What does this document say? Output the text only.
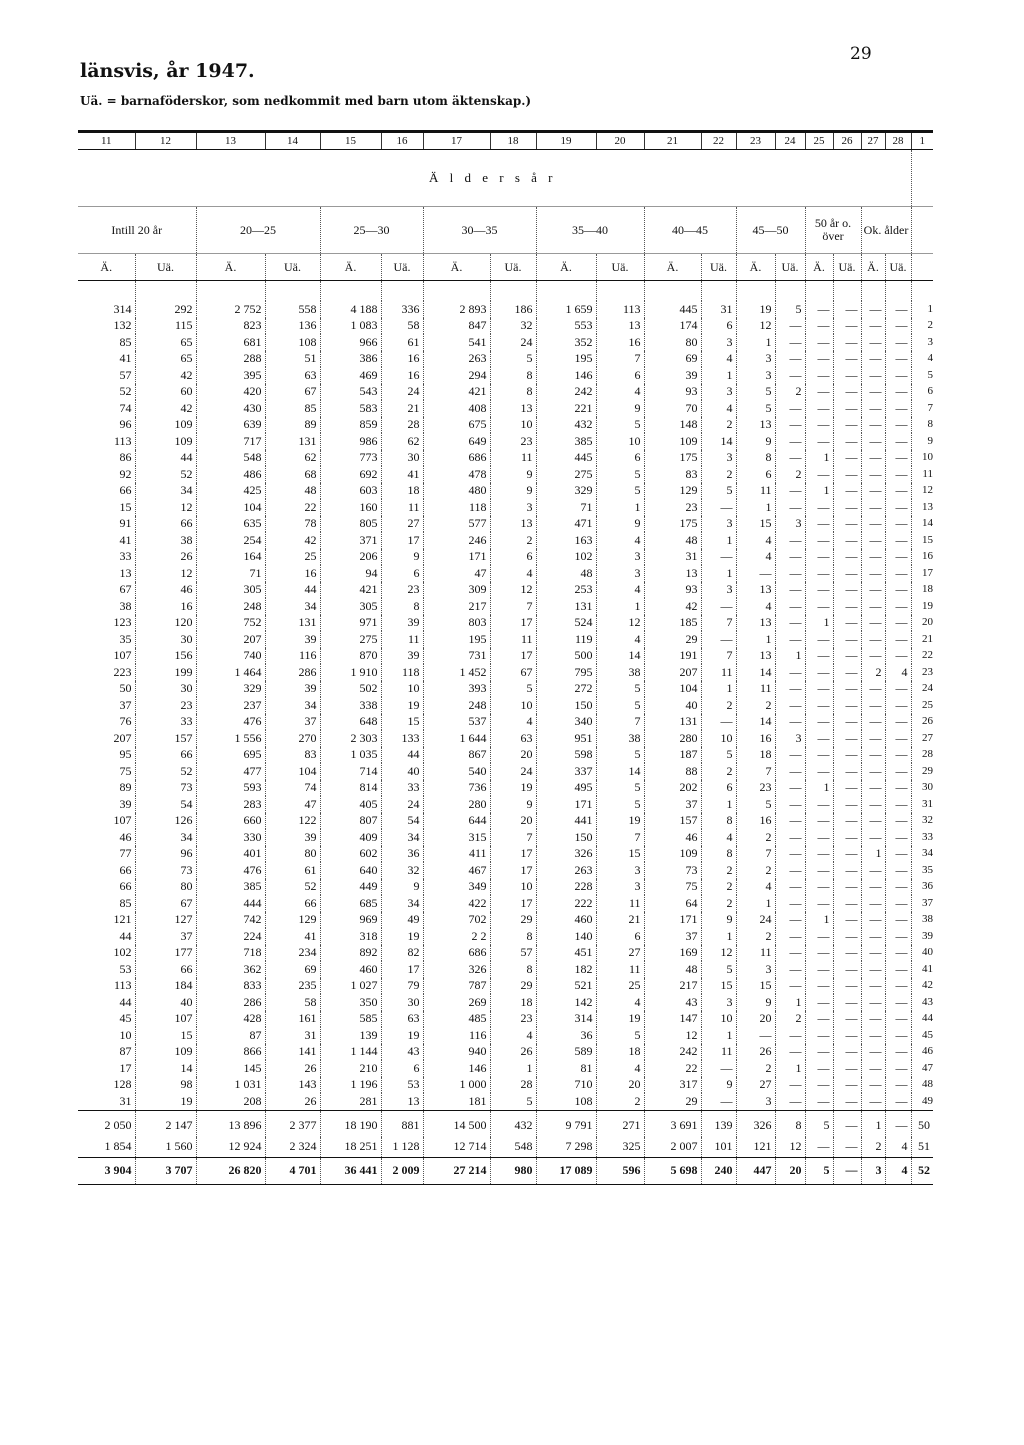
länsvis, år 1947.
29
Uä. = barnaföderskor, som nedkommit med barn utom äktenskap.)
11	12	13	14	15	16	17	18	19	20	21	22	23	24	25	26	27	28	1
Ä l d e r s å r																		
Intill 20 år		20—25		25—30		30—35		35—40		40—45		45—50		50 år o. över		Ok. ålder		
Ä.	Uä.	Ä.	Uä.	Ä.	Uä.	Ä.	Uä.	Ä.	Uä.	Ä.	Uä.	Ä.	Uä.	Ä.	Uä.	Ä.	Uä.	

314	292	2 752	558	4 188	336	2 893	186	1 659	113	445	31	19	5	—	—	—	—	1
132	115	823	136	1 083	58	847	32	553	13	174	6	12	—	—	—	—	—	2
85	65	681	108	966	61	541	24	352	16	80	3	1	—	—	—	—	—	3
41	65	288	51	386	16	263	5	195	7	69	4	3	—	—	—	—	—	4
57	42	395	63	469	16	294	8	146	6	39	1	3	—	—	—	—	—	5
52	60	420	67	543	24	421	8	242	4	93	3	5	2	—	—	—	—	6
74	42	430	85	583	21	408	13	221	9	70	4	5	—	—	—	—	—	7
96	109	639	89	859	28	675	10	432	5	148	2	13	—	—	—	—	—	8
113	109	717	131	986	62	649	23	385	10	109	14	9	—	—	—	—	—	9
86	44	548	62	773	30	686	11	445	6	175	3	8	—	1	—	—	—	10
92	52	486	68	692	41	478	9	275	5	83	2	6	2	—	—	—	—	11
66	34	425	48	603	18	480	9	329	5	129	5	11	—	1	—	—	—	12
15	12	104	22	160	11	118	3	71	1	23	—	1	—	—	—	—	—	13
91	66	635	78	805	27	577	13	471	9	175	3	15	3	—	—	—	—	14
41	38	254	42	371	17	246	2	163	4	48	1	4	—	—	—	—	—	15
33	26	164	25	206	9	171	6	102	3	31	—	4	—	—	—	—	—	16
13	12	71	16	94	6	47	4	48	3	13	1	—	—	—	—	—	—	17
67	46	305	44	421	23	309	12	253	4	93	3	13	—	—	—	—	—	18
38	16	248	34	305	8	217	7	131	1	42	—	4	—	—	—	—	—	19
123	120	752	131	971	39	803	17	524	12	185	7	13	—	1	—	—	—	20
35	30	207	39	275	11	195	11	119	4	29	—	1	—	—	—	—	—	21
107	156	740	116	870	39	731	17	500	14	191	7	13	1	—	—	—	—	22
223	199	1 464	286	1 910	118	1 452	67	795	38	207	11	14	—	—	—	2	4	23
50	30	329	39	502	10	393	5	272	5	104	1	11	—	—	—	—	—	24
37	23	237	34	338	19	248	10	150	5	40	2	2	—	—	—	—	—	25
76	33	476	37	648	15	537	4	340	7	131	—	14	—	—	—	—	—	26
207	157	1 556	270	2 303	133	1 644	63	951	38	280	10	16	3	—	—	—	—	27
95	66	695	83	1 035	44	867	20	598	5	187	5	18	—	—	—	—	—	28
75	52	477	104	714	40	540	24	337	14	88	2	7	—	—	—	—	—	29
89	73	593	74	814	33	736	19	495	5	202	6	23	—	1	—	—	—	30
39	54	283	47	405	24	280	9	171	5	37	1	5	—	—	—	—	—	31
107	126	660	122	807	54	644	20	441	19	157	8	16	—	—	—	—	—	32
46	34	330	39	409	34	315	7	150	7	46	4	2	—	—	—	—	—	33
77	96	401	80	602	36	411	17	326	15	109	8	7	—	—	—	1	—	34
66	73	476	61	640	32	467	17	263	3	73	2	2	—	—	—	—	—	35
66	80	385	52	449	9	349	10	228	3	75	2	4	—	—	—	—	—	36
85	67	444	66	685	34	422	17	222	11	64	2	1	—	—	—	—	—	37
121	127	742	129	969	49	702	29	460	21	171	9	24	—	1	—	—	—	38
44	37	224	41	318	19	2 2	8	140	6	37	1	2	—	—	—	—	—	39
102	177	718	234	892	82	686	57	451	27	169	12	11	—	—	—	—	—	40
53	66	362	69	460	17	326	8	182	11	48	5	3	—	—	—	—	—	41
113	184	833	235	1 027	79	787	29	521	25	217	15	15	—	—	—	—	—	42
44	40	286	58	350	30	269	18	142	4	43	3	9	1	—	—	—	—	43
45	107	428	161	585	63	485	23	314	19	147	10	20	2	—	—	—	—	44
10	15	87	31	139	19	116	4	36	5	12	1	—	—	—	—	—	—	45
87	109	866	141	1 144	43	940	26	589	18	242	11	26	—	—	—	—	—	46
17	14	145	26	210	6	146	1	81	4	22	—	2	1	—	—	—	—	47
128	98	1 031	143	1 196	53	1 000	28	710	20	317	9	27	—	—	—	—	—	48
31	19	208	26	281	13	181	5	108	2	29	—	3	—	—	—	—	—	49
2 050	2 147	13 896	2 377	18 190	881	14 500	432	9 791	271	3 691	139	326	8	5	—	1	—	50
1 854	1 560	12 924	2 324	18 251	1 128	12 714	548	7 298	325	2 007	101	121	12	—	—	2	4	51
3 904	3 707	26 820	4 701	36 441	2 009	27 214	980	17 089	596	5 698	240	447	20	5	—	3	4	52
